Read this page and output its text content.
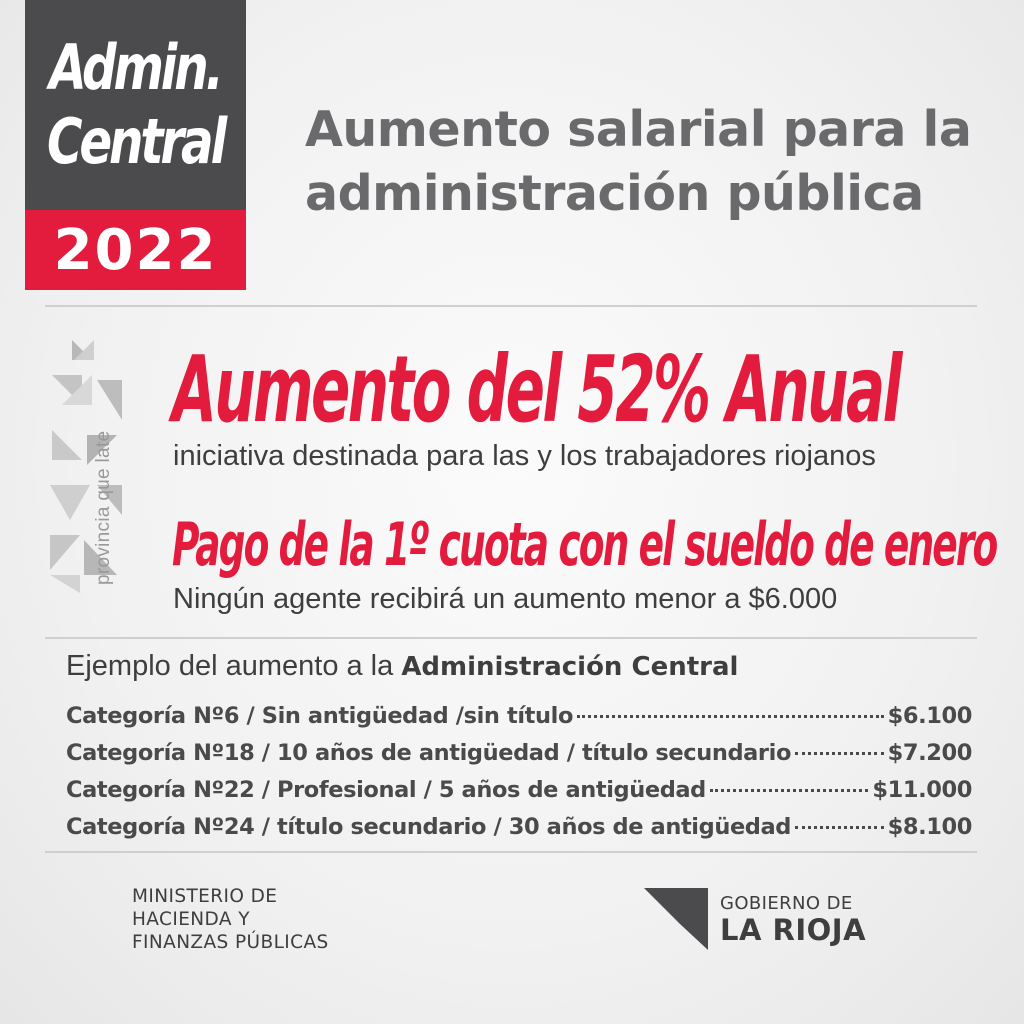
Admin.
Central
2022
Aumento salarial para la administración pública
provincia que late
Aumento del 52% Anual

iniciativa destinada para las y los trabajadores riojanos

Pago de la 1º cuota con el sueldo de enero

Ningún agente recibirá un aumento menor a $6.000

Ejemplo del aumento a la Administración Central

Categoría Nº6 / Sin antigüedad /sin título	$6.100
Categoría Nº18 / 10 años de antigüedad / título secundario	$7.200
Categoría Nº22 / Profesional / 5 años de antigüedad	$11.000
Categoría Nº24 / título secundario / 30 años de antigüedad	$8.100
MINISTERIO DE
HACIENDA Y
FINANZAS PÚBLICAS
GOBIERNO DE
LA RIOJA
